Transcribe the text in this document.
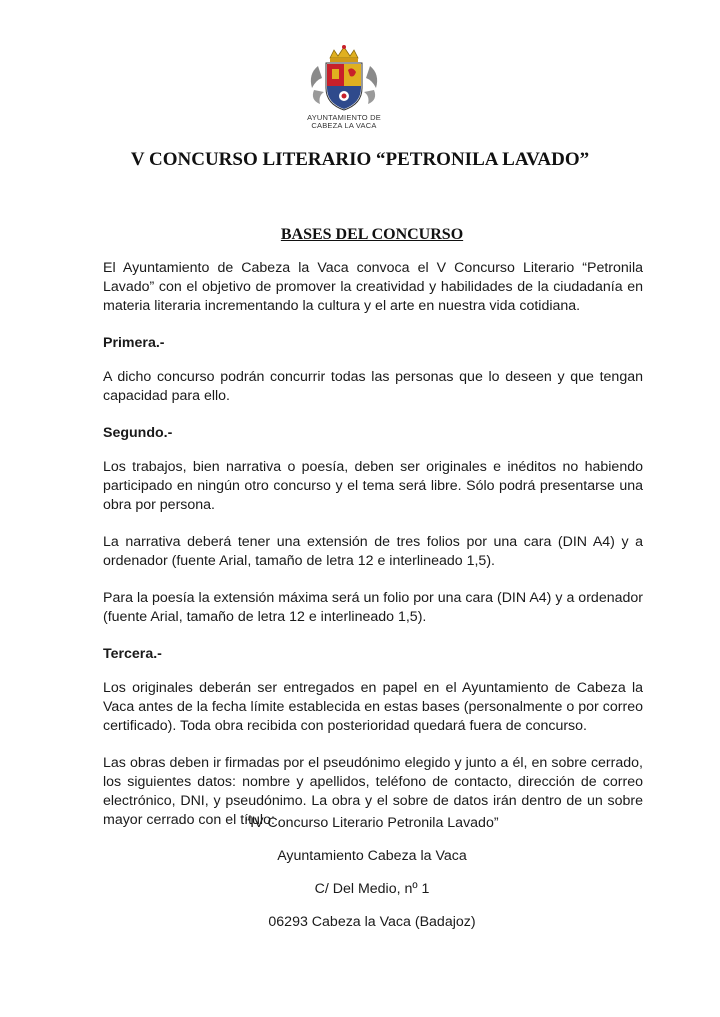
AYUNTAMIENTO DE
CABEZA LA VACA
V CONCURSO LITERARIO “PETRONILA LAVADO”
BASES DEL CONCURSO

El Ayuntamiento de Cabeza la Vaca convoca el V Concurso Literario “Petronila Lavado” con el objetivo de promover la creatividad y habilidades de la ciudadanía en materia literaria incrementando la cultura y el arte en nuestra vida cotidiana.

Primera.-

A dicho concurso podrán concurrir todas las personas que lo deseen y que tengan capacidad para ello.

Segundo.-

Los trabajos, bien narrativa o poesía, deben ser originales e inéditos no habiendo participado en ningún otro concurso y el tema será libre. Sólo podrá presentarse una obra por persona.

La narrativa deberá tener una extensión de tres folios por una cara (DIN A4) y a ordenador (fuente Arial, tamaño de letra 12 e interlineado 1,5).

Para la poesía la extensión máxima será un folio por una cara (DIN A4) y a ordenador (fuente Arial, tamaño de letra 12 e interlineado 1,5).

Tercera.-

Los originales deberán ser entregados en papel en el Ayuntamiento de Cabeza la Vaca antes de la fecha límite establecida en estas bases (personalmente o por correo certificado). Toda obra recibida con posterioridad quedará fuera de concurso.

Las obras deben ir firmadas por el pseudónimo elegido y junto a él, en sobre cerrado, los siguientes datos: nombre y apellidos, teléfono de contacto, dirección de correo electrónico, DNI, y pseudónimo. La obra y el sobre de datos irán dentro de un sobre mayor cerrado con el título:

“IV Concurso Literario Petronila Lavado”
Ayuntamiento Cabeza la Vaca
C/ Del Medio, nº 1
06293 Cabeza la Vaca (Badajoz)
